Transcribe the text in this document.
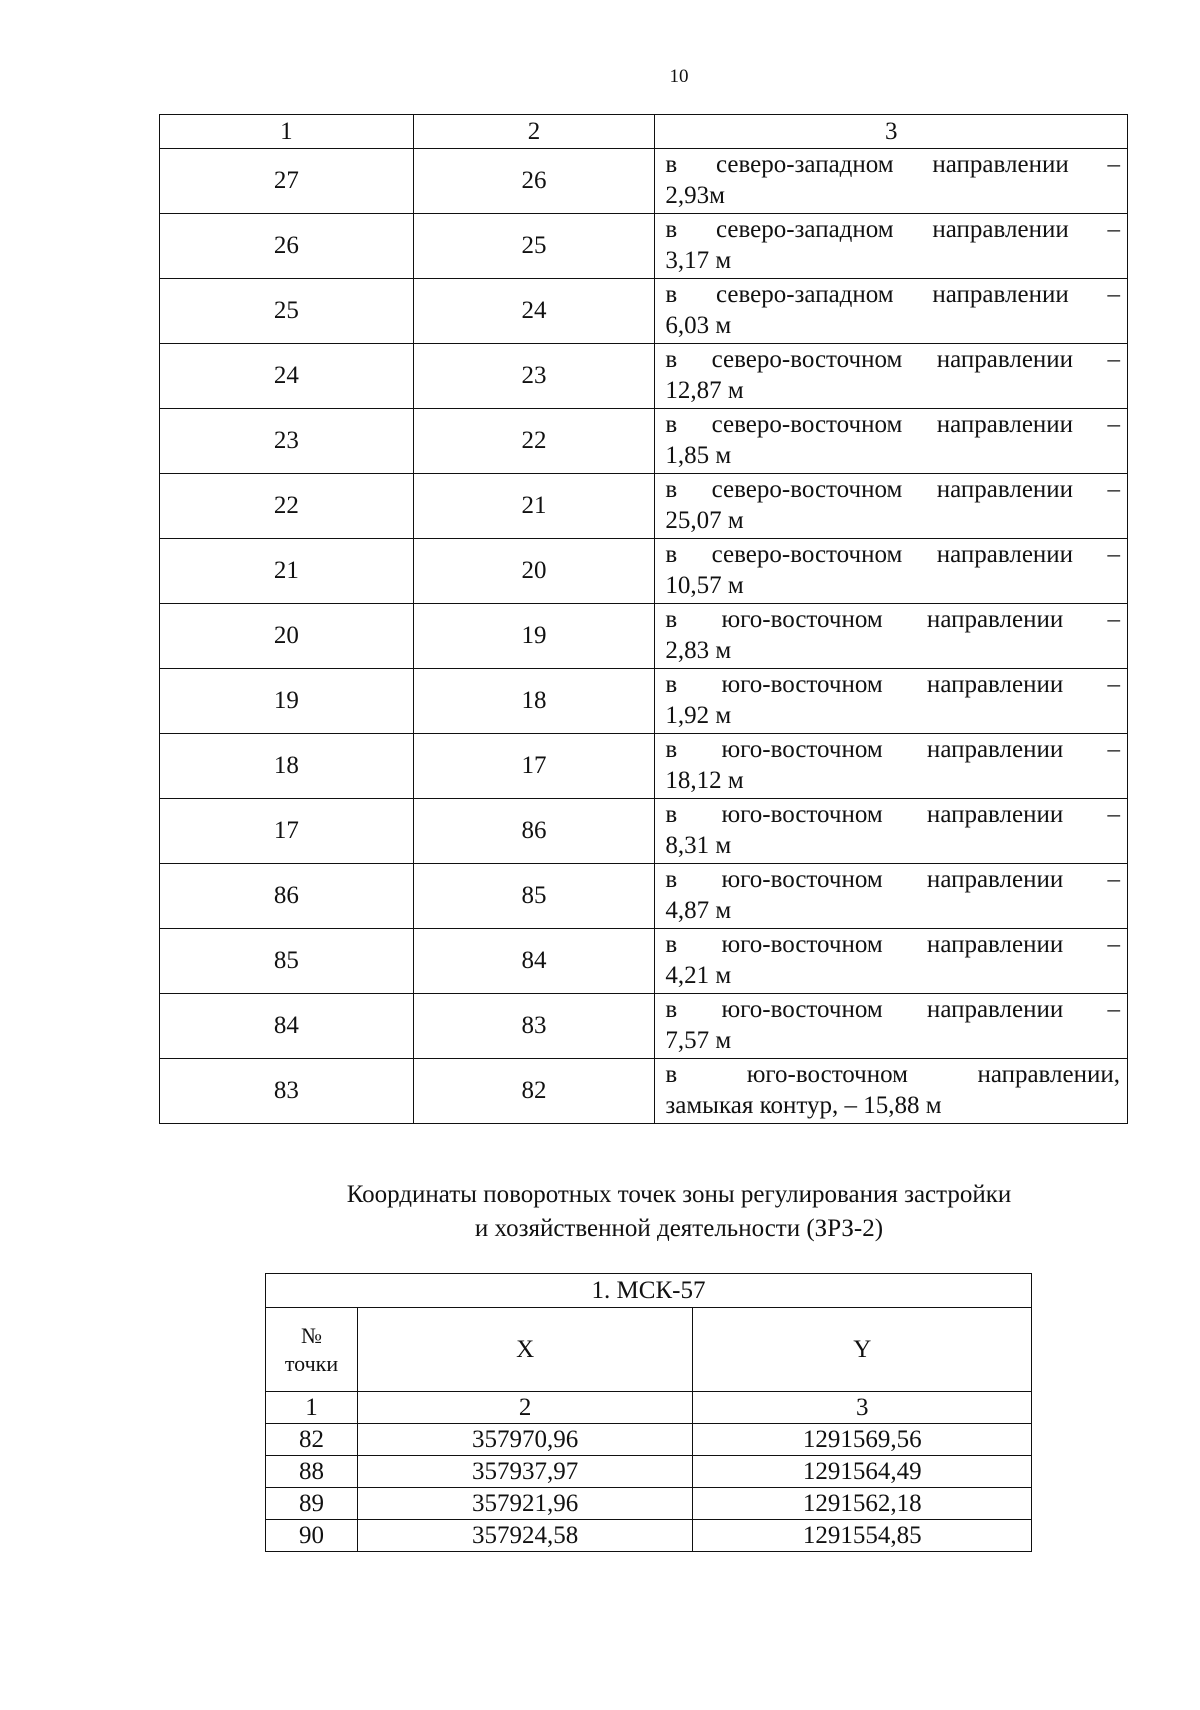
10
1	2	3
27	26	в северо-западном направлении –
2,93м

26	25	в северо-западном направлении –
3,17 м

25	24	в северо-западном направлении –
6,03 м

24	23	в северо-восточном направлении –
12,87 м

23	22	в северо-восточном направлении –
1,85 м

22	21	в северо-восточном направлении –
25,07 м

21	20	в северо-восточном направлении –
10,57 м

20	19	в юго-восточном направлении –
2,83 м

19	18	в юго-восточном направлении –
1,92 м

18	17	в юго-восточном направлении –
18,12 м

17	86	в юго-восточном направлении –
8,31 м

86	85	в юго-восточном направлении –
4,87 м

85	84	в юго-восточном направлении –
4,21 м

84	83	в юго-восточном направлении –
7,57 м

83	82	в юго-восточном направлении,
замыкая контур, – 15,88 м
Координаты поворотных точек зоны регулирования застройки
и хозяйственной деятельности (ЗРЗ-2)
1. МСК-57		
№
точки	X	Y
1	2	3
82	357970,96	1291569,56
88	357937,97	1291564,49
89	357921,96	1291562,18
90	357924,58	1291554,85
